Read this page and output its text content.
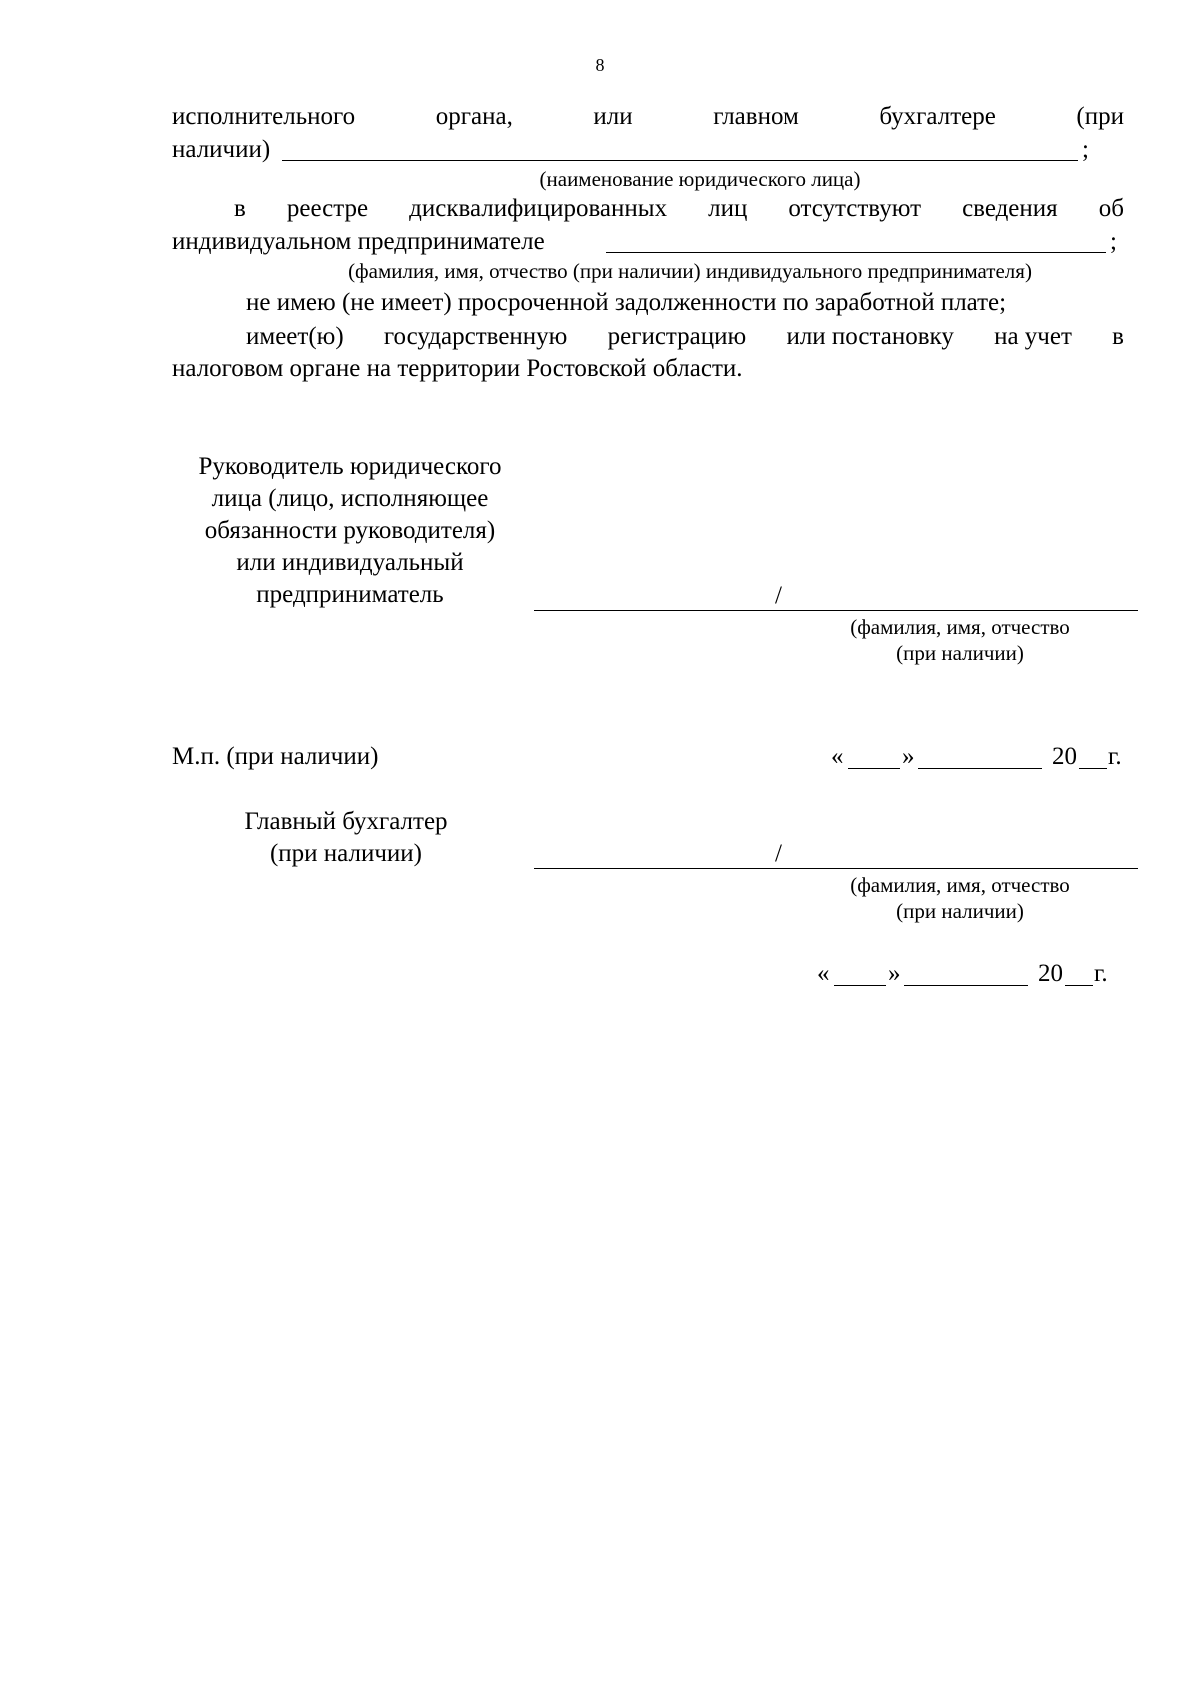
8
исполнительного	органа,	или	главном	бухгалтере	(при
наличии)	;
(наименование юридического лица)
в реестре дисквалифицированных лиц отсутствуют сведения об
индивидуальном предпринимателе	;
(фамилия, имя, отчество (при наличии) индивидуального предпринимателя)
не имею (не имеет) просроченной задолженности по заработной плате;
имеет(ю) государственную регистрацию или постановку на учет в
налоговом органе на территории Ростовской области.
Руководитель юридического
лица (лицо, исполняющее
обязанности руководителя)
или индивидуальный
предприниматель	/
(фамилия, имя, отчество
(при наличии)
М.п. (при наличии)	« »	20 г.
Главный бухгалтер
(при наличии)	/
(фамилия, имя, отчество
(при наличии)
« »	20 г.
